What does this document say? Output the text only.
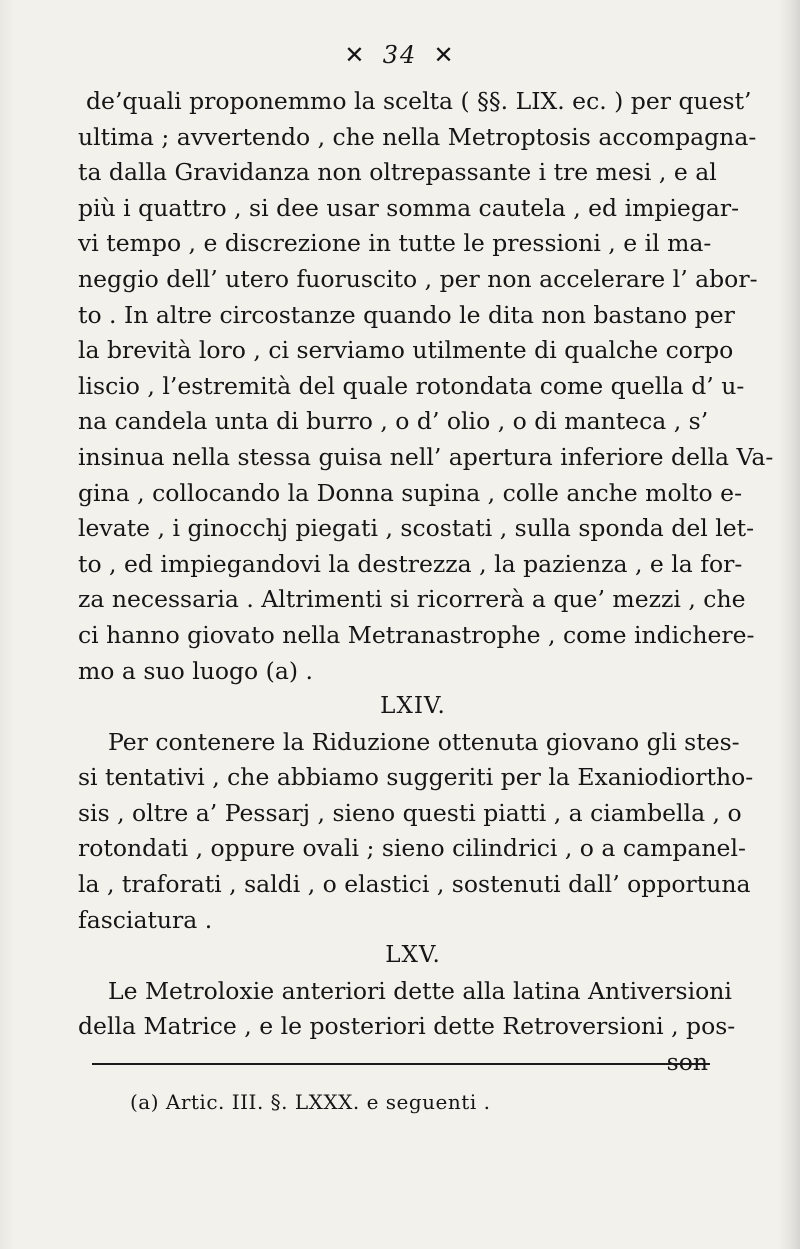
✕ 34 ✕
de’quali proponemmo la scelta ( §§. LIX. ec. ) per quest’
ultima ; avvertendo , che nella Metroptosis accompagna-
ta dalla Gravidanza non oltrepassante i tre mesi , e al
più i quattro , si dee usar somma cautela , ed impiegar-
vi tempo , e discrezione in tutte le pressioni , e il ma-
neggio dell’ utero fuoruscito , per non accelerare l’ abor-
to . In altre circostanze quando le dita non bastano per
la brevità loro , ci serviamo utilmente di qualche corpo
liscio , l’estremità del quale rotondata come quella d’ u-
na candela unta di burro , o d’ olio , o di manteca , s’
insinua nella stessa guisa nell’ apertura inferiore della Va-
gina , collocando la Donna supina , colle anche molto e-
levate , i ginocchj piegati , scostati , sulla sponda del let-
to , ed impiegandovi la destrezza , la pazienza , e la for-
za necessaria . Altrimenti si ricorrerà a que’ mezzi , che
ci hanno giovato nella Metranastrophe , come indichere-
mo a suo luogo (a) .
LXIV.
Per contenere la Riduzione ottenuta giovano gli stes-
si tentativi , che abbiamo suggeriti per la Exaniodiortho-
sis , oltre a’ Pessarj , sieno questi piatti , a ciambella , o
rotondati , oppure ovali ; sieno cilindrici , o a campanel-
la , traforati , saldi , o elastici , sostenuti dall’ opportuna
fasciatura .
LXV.
Le Metroloxie anteriori dette alla latina Antiversioni
della Matrice , e le posteriori dette Retroversioni , pos-
son
(a) Artic. III. §. LXXX. e seguenti .
